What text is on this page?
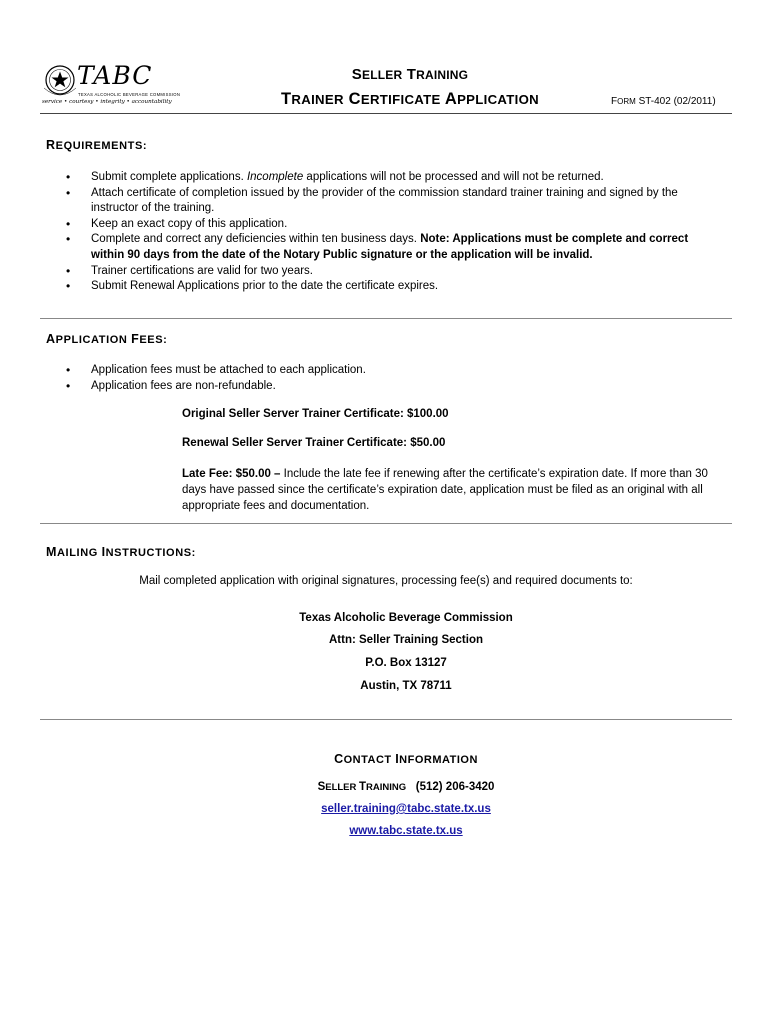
TABC
TEXAS ALCOHOLIC BEVERAGE COMMISSION
service • courtesy • integrity • accountability
SELLER TRAINING
TRAINER CERTIFICATE APPLICATION	FORM ST-402 (02/2011)
REQUIREMENTS:
• Submit complete applications. Incomplete applications will not be processed and will not be returned.
• Attach certificate of completion issued by the provider of the commission standard trainer training and signed by the instructor of the training.
• Keep an exact copy of this application.
• Complete and correct any deficiencies within ten business days. Note: Applications must be complete and correct within 90 days from the date of the Notary Public signature or the application will be invalid.
• Trainer certifications are valid for two years.
• Submit Renewal Applications prior to the date the certificate expires.
APPLICATION FEES:
• Application fees must be attached to each application.
• Application fees are non-refundable.
Original Seller Server Trainer Certificate: $100.00
Renewal Seller Server Trainer Certificate: $50.00
Late Fee: $50.00 – Include the late fee if renewing after the certificate’s expiration date. If more than 30 days have passed since the certificate’s expiration date, application must be filed as an original with all appropriate fees and documentation.
MAILING INSTRUCTIONS:
Mail completed application with original signatures, processing fee(s) and required documents to:
Texas Alcoholic Beverage Commission
Attn: Seller Training Section
P.O. Box 13127
Austin, TX 78711
CONTACT INFORMATION
SELLER TRAINING (512) 206-3420
seller.training@tabc.state.tx.us
www.tabc.state.tx.us
